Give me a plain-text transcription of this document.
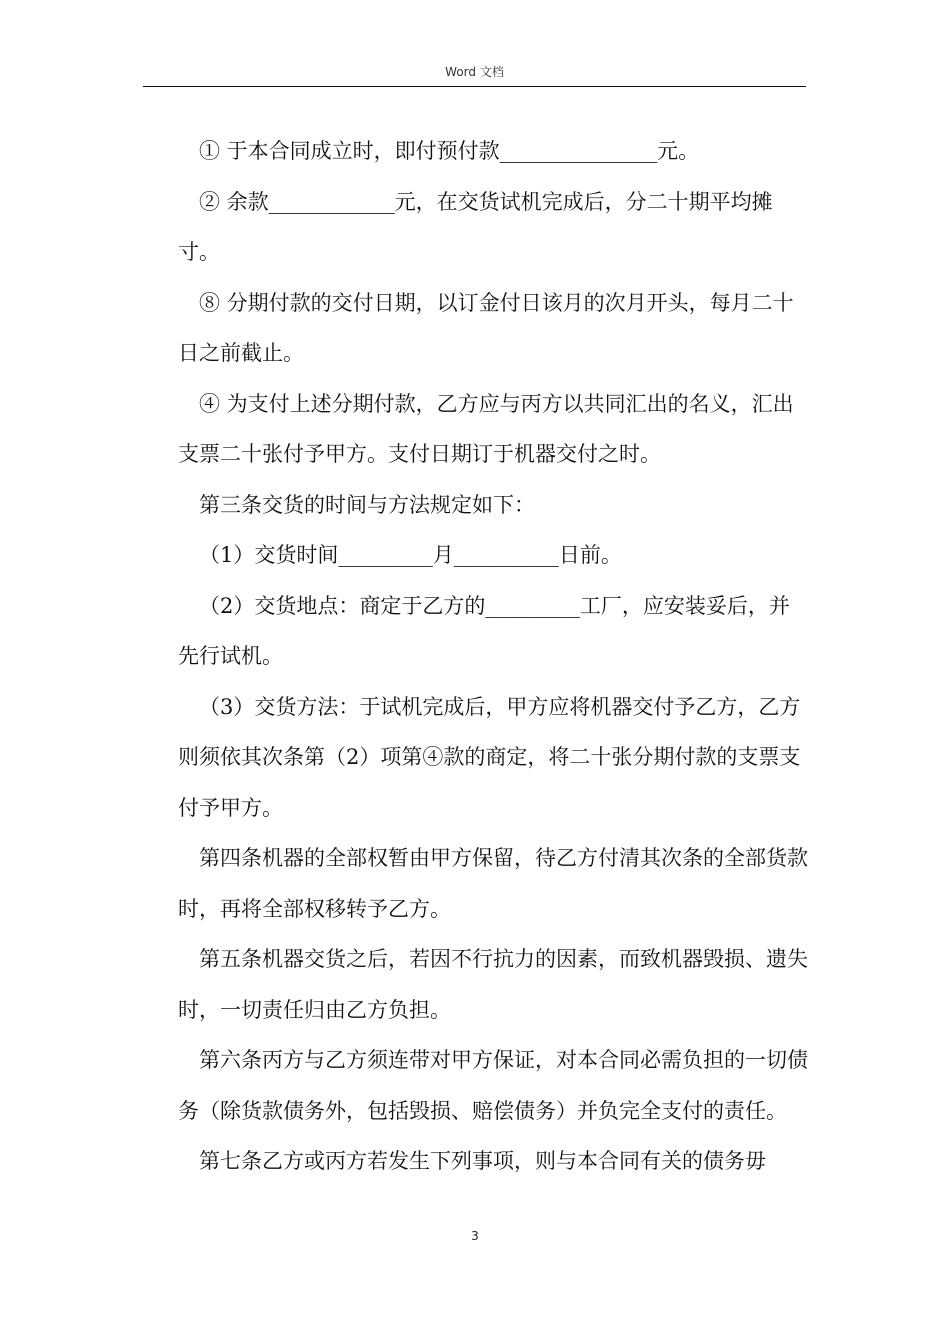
Word 文档

① 于本合同成立时，即付预付款_______________元。

② 余款____________元，在交货试机完成后，分二十期平均摊寸。

⑧ 分期付款的交付日期，以订金付日该月的次月开头，每月二十日之前截止。

④ 为支付上述分期付款，乙方应与丙方以共同汇出的名义，汇出支票二十张付予甲方。支付日期订于机器交付之时。

第三条交货的时间与方法规定如下：

（1）交货时间_________月__________日前。

（2）交货地点：商定于乙方的_________工厂，应安装妥后，并先行试机。

（3）交货方法：于试机完成后，甲方应将机器交付予乙方，乙方则须依其次条第（2）项第④款的商定，将二十张分期付款的支票支付予甲方。

第四条机器的全部权暂由甲方保留，待乙方付清其次条的全部货款时，再将全部权移转予乙方。

第五条机器交货之后，若因不行抗力的因素，而致机器毁损、遗失时，一切责任归由乙方负担。

第六条丙方与乙方须连带对甲方保证，对本合同必需负担的一切债务（除货款债务外，包括毁损、赔偿债务）并负完全支付的责任。

第七条乙方或丙方若发生下列事项，则与本合同有关的债务毋

3
